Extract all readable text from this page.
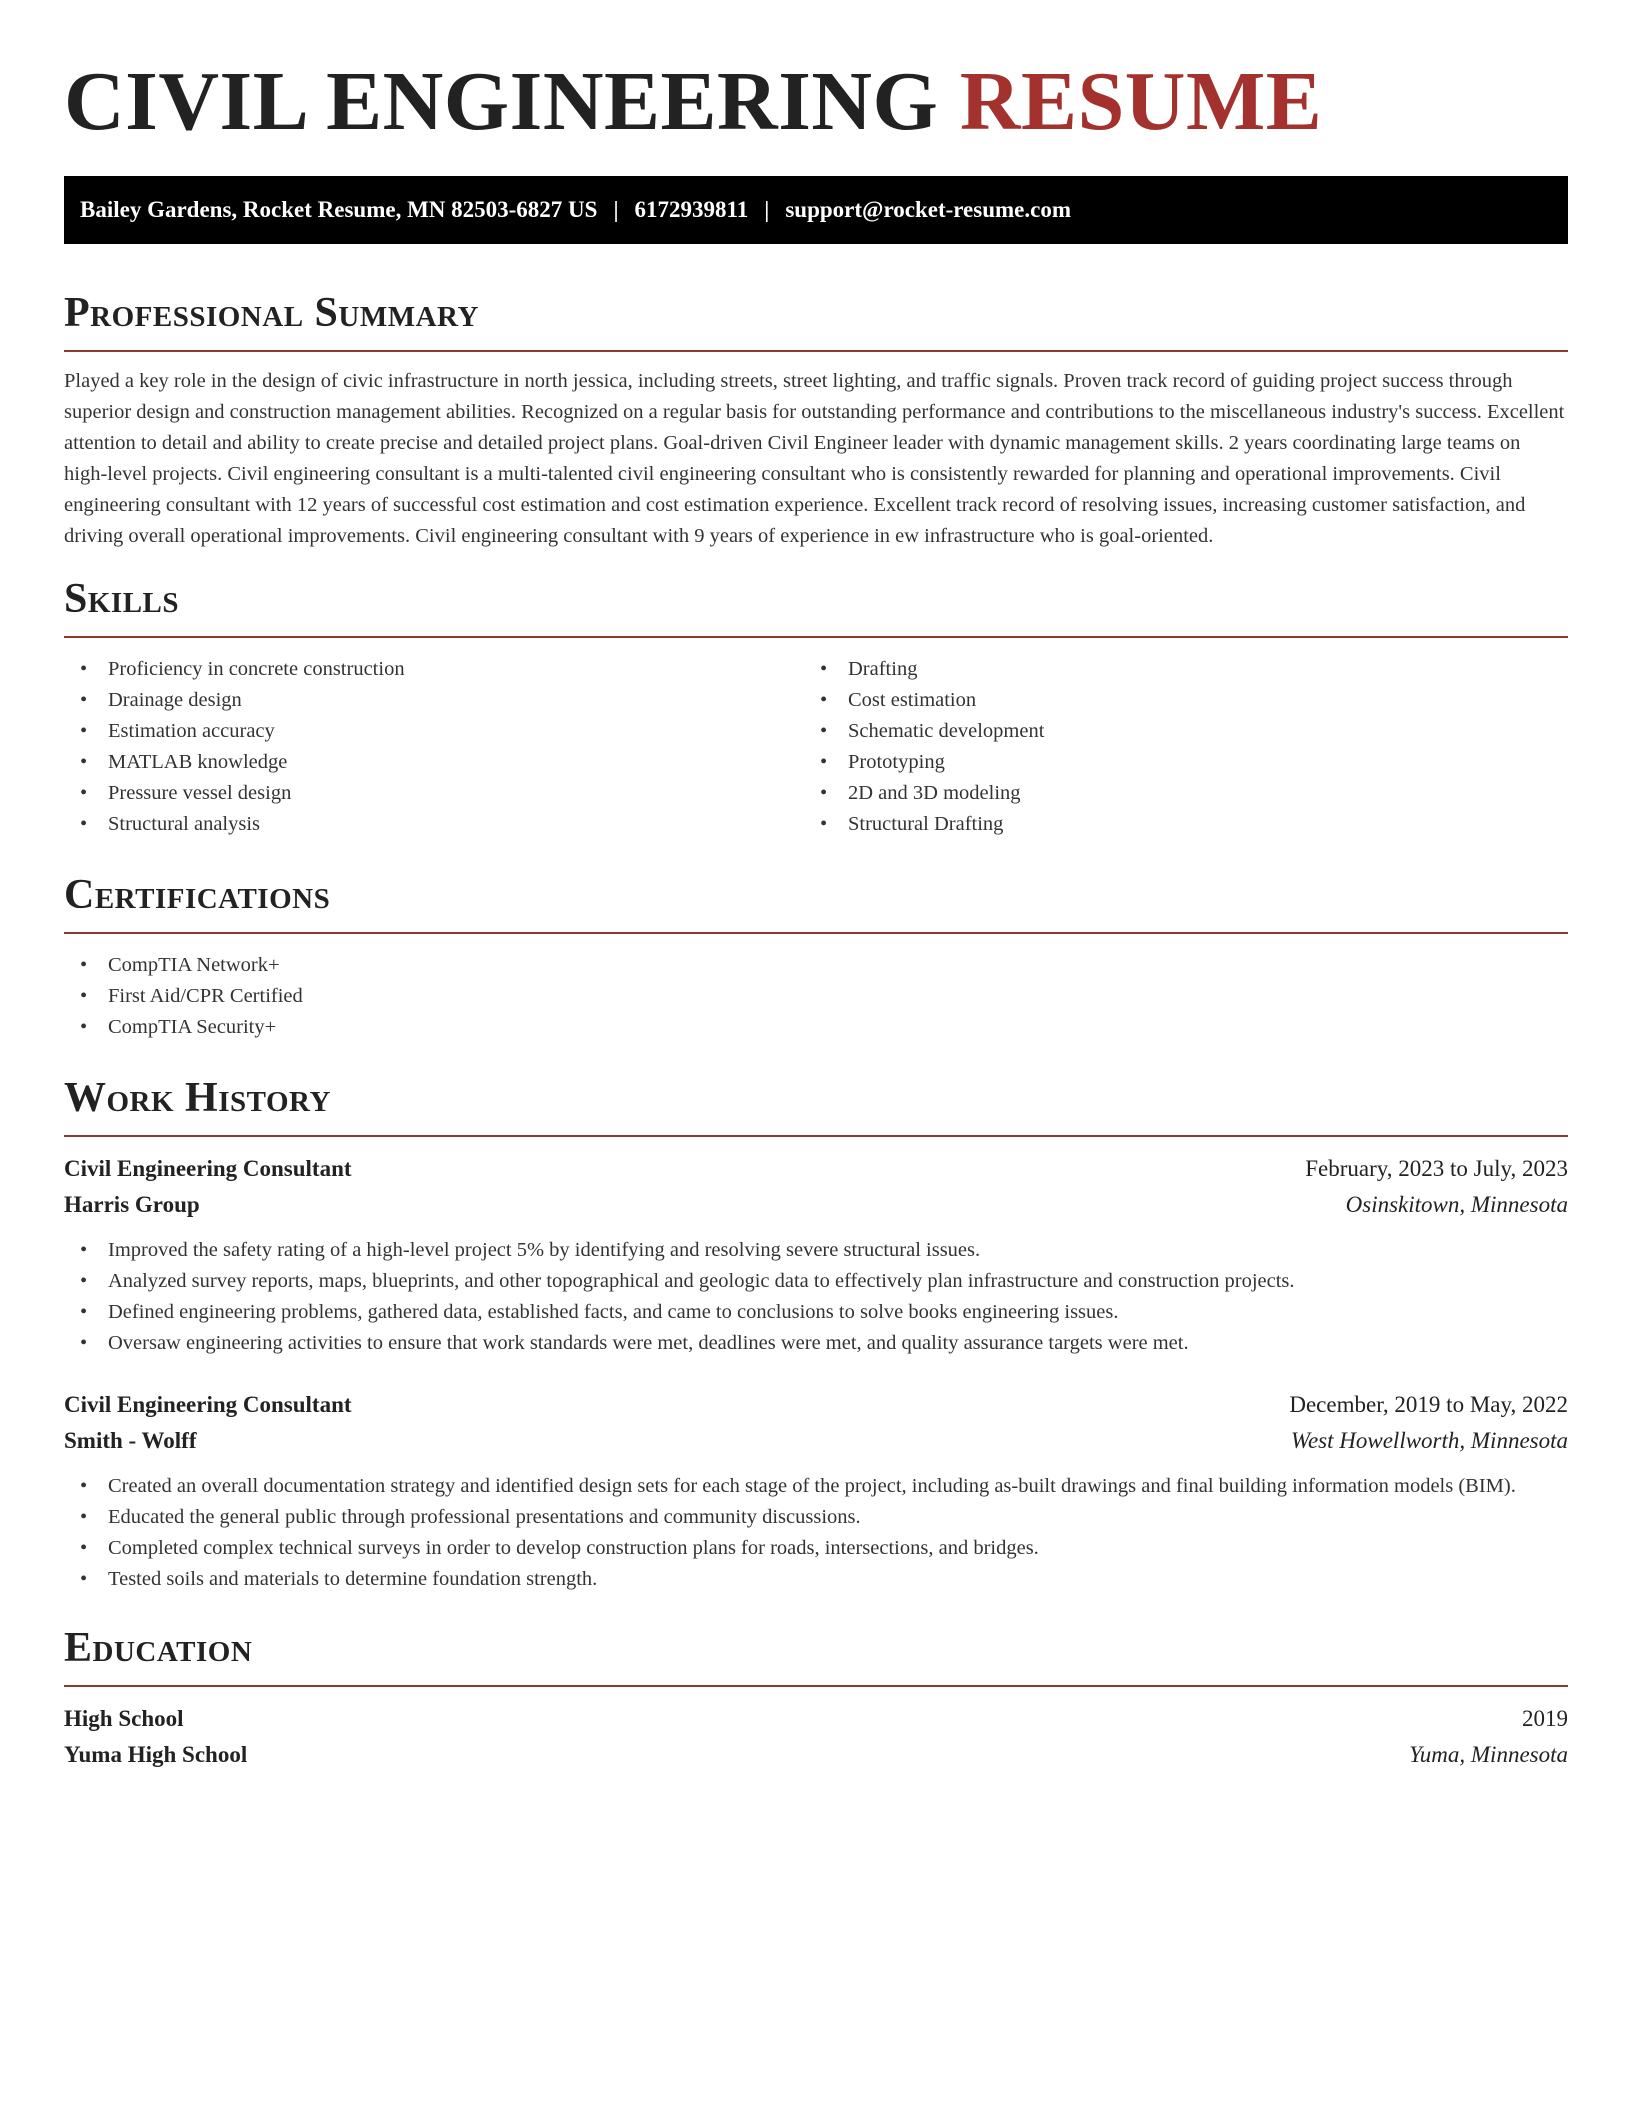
CIVIL ENGINEERING RESUME
Bailey Gardens, Rocket Resume, MN 82503-6827 US | 6172939811 | support@rocket-resume.com
Professional Summary

Played a key role in the design of civic infrastructure in north jessica, including streets, street lighting, and traffic signals. Proven track record of guiding project success through superior design and construction management abilities. Recognized on a regular basis for outstanding performance and contributions to the miscellaneous industry's success. Excellent attention to detail and ability to create precise and detailed project plans. Goal-driven Civil Engineer leader with dynamic management skills. 2 years coordinating large teams on high-level projects. Civil engineering consultant is a multi-talented civil engineering consultant who is consistently rewarded for planning and operational improvements. Civil engineering consultant with 12 years of successful cost estimation and cost estimation experience. Excellent track record of resolving issues, increasing customer satisfaction, and driving overall operational improvements. Civil engineering consultant with 9 years of experience in ew infrastructure who is goal-oriented.

Skills
• Proficiency in concrete construction
• Drainage design
• Estimation accuracy
• MATLAB knowledge
• Pressure vessel design
• Structural analysis
• Drafting
• Cost estimation
• Schematic development
• Prototyping
• 2D and 3D modeling
• Structural Drafting
Certifications
• CompTIA Network+
• First Aid/CPR Certified
• CompTIA Security+
Work History
Civil Engineering Consultant	February, 2023 to July, 2023
Harris Group	Osinskitown, Minnesota
• Improved the safety rating of a high-level project 5% by identifying and resolving severe structural issues.
• Analyzed survey reports, maps, blueprints, and other topographical and geologic data to effectively plan infrastructure and construction projects.
• Defined engineering problems, gathered data, established facts, and came to conclusions to solve books engineering issues.
• Oversaw engineering activities to ensure that work standards were met, deadlines were met, and quality assurance targets were met.
Civil Engineering Consultant	December, 2019 to May, 2022
Smith - Wolff	West Howellworth, Minnesota
• Created an overall documentation strategy and identified design sets for each stage of the project, including as-built drawings and final building information models (BIM).
• Educated the general public through professional presentations and community discussions.
• Completed complex technical surveys in order to develop construction plans for roads, intersections, and bridges.
• Tested soils and materials to determine foundation strength.
Education
High School	2019
Yuma High School	Yuma, Minnesota
